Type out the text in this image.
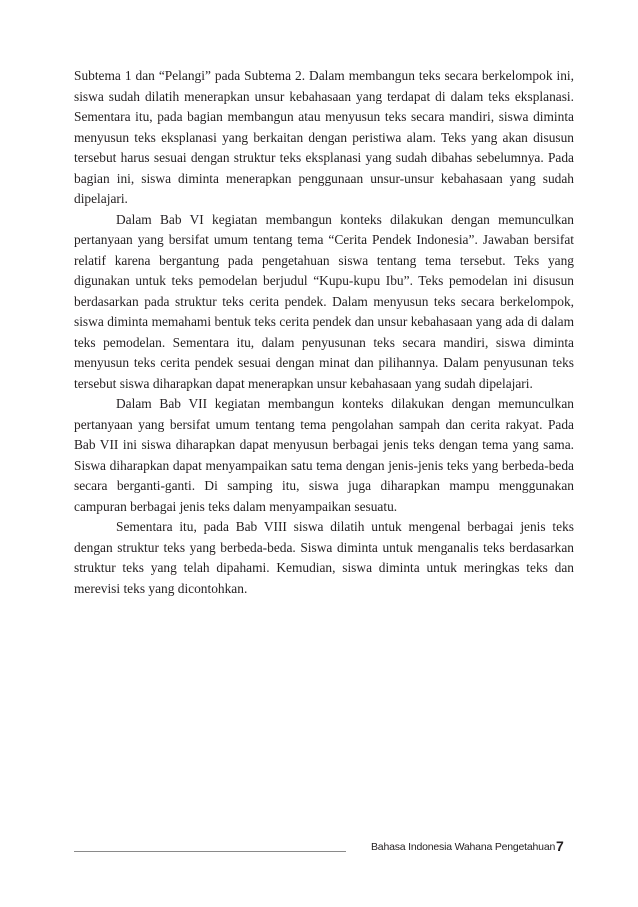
Subtema 1 dan “Pelangi” pada Subtema 2. Dalam membangun teks secara berkelompok ini, siswa sudah dilatih menerapkan unsur kebahasaan yang terdapat di dalam teks eksplanasi. Sementara itu, pada bagian membangun atau menyusun teks secara mandiri, siswa diminta menyusun teks eksplanasi yang berkaitan dengan peristiwa alam. Teks yang akan disusun tersebut harus sesuai dengan struktur teks eksplanasi yang sudah dibahas sebelumnya. Pada bagian ini, siswa diminta menerapkan penggunaan unsur-unsur kebahasaan yang sudah dipelajari.

Dalam Bab VI kegiatan membangun konteks dilakukan dengan memunculkan pertanyaan yang bersifat umum tentang tema “Cerita Pendek Indonesia”. Jawaban bersifat relatif karena bergantung pada pengetahuan siswa tentang tema tersebut. Teks yang digunakan untuk teks pemodelan berjudul “Kupu-kupu Ibu”. Teks pemodelan ini disusun berdasarkan pada struktur teks cerita pendek. Dalam menyusun teks secara berkelompok, siswa diminta memahami bentuk teks cerita pendek dan unsur kebahasaan yang ada di dalam teks pemodelan. Sementara itu, dalam penyusunan teks secara mandiri, siswa diminta menyusun teks cerita pendek sesuai dengan minat dan pilihannya. Dalam penyusunan teks tersebut siswa diharapkan dapat menerapkan unsur kebahasaan yang sudah dipelajari.

Dalam Bab VII kegiatan membangun konteks dilakukan dengan memunculkan pertanyaan yang bersifat umum tentang tema pengolahan sampah dan cerita rakyat. Pada Bab VII ini siswa diharapkan dapat menyusun berbagai jenis teks dengan tema yang sama. Siswa diharapkan dapat menyampaikan satu tema dengan jenis-jenis teks yang berbeda-beda secara berganti-ganti. Di samping itu, siswa juga diharapkan mampu menggunakan campuran berbagai jenis teks dalam menyampaikan sesuatu.

Sementara itu, pada Bab VIII siswa dilatih untuk mengenal berbagai jenis teks dengan struktur teks yang berbeda-beda. Siswa diminta untuk menganalis teks berdasarkan struktur teks yang telah dipahami. Kemudian, siswa diminta untuk meringkas teks dan merevisi teks yang dicontohkan.

Bahasa Indonesia Wahana Pengetahuan 7
